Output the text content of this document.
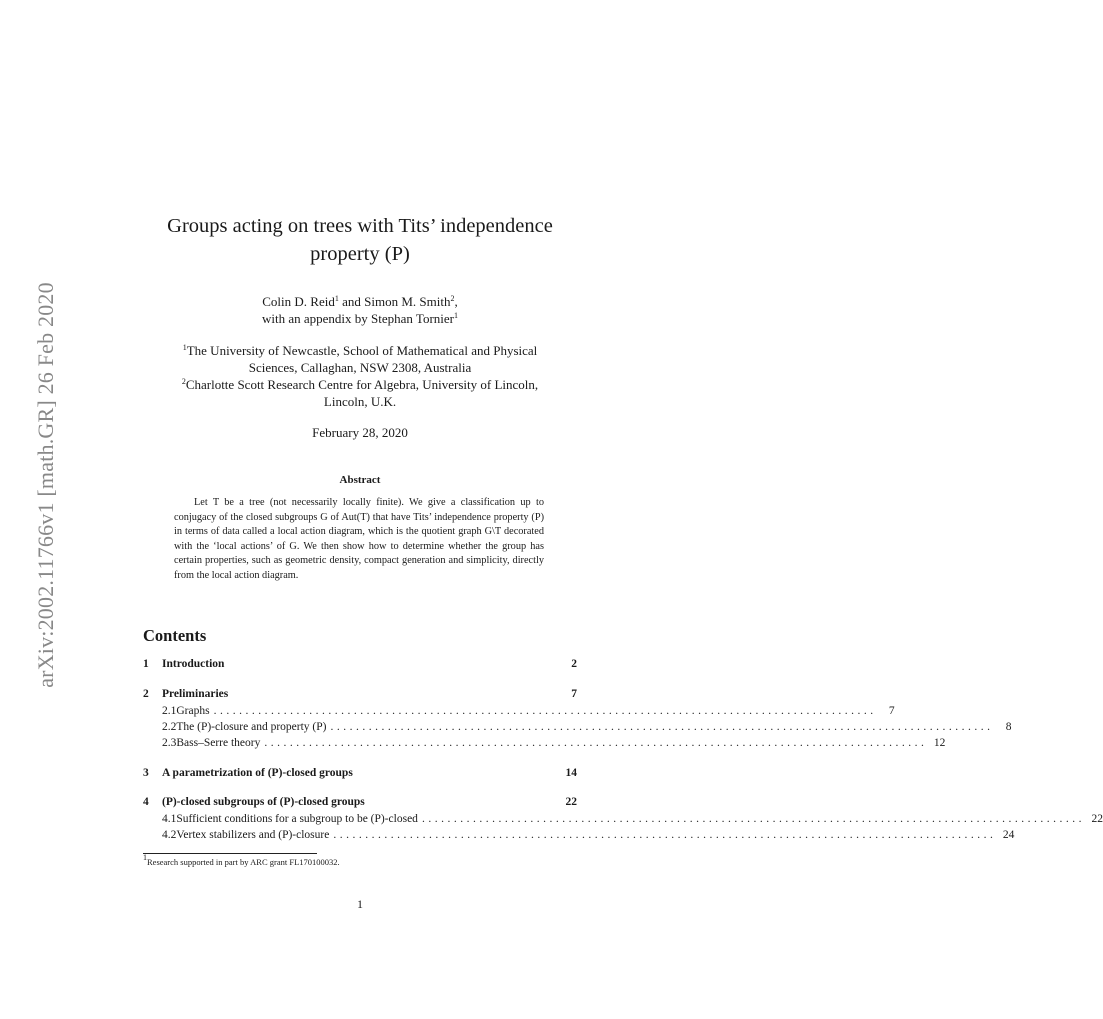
arXiv:2002.11766v1 [math.GR] 26 Feb 2020
Groups acting on trees with Tits’ independence
property (P)
Colin D. Reid$^1$ and Simon M. Smith$^2$,
with an appendix by Stephan Tornier$^1$
$^1$The University of Newcastle, School of Mathematical and Physical
Sciences, Callaghan, NSW 2308, Australia
$^2$Charlotte Scott Research Centre for Algebra, University of Lincoln,
Lincoln, U.K.
February 28, 2020
Abstract
Let T be a tree (not necessarily locally finite). We give a classification up to conjugacy of the closed subgroups G of Aut(T) that have Tits’ independence property (P) in terms of data called a local action diagram, which is the quotient graph G\T decorated with the ‘local actions’ of G. We then show how to determine whether the group has certain properties, such as geometric density, compact generation and simplicity, directly from the local action diagram.
Contents
1	Introduction	2
2	Preliminaries	7
2.1 Graphs ........................................................................................................	7
2.2 The (P)-closure and property (P) ........................................................................................................	8
2.3 Bass–Serre theory ........................................................................................................ 12
3	A parametrization of (P)-closed groups	14
4	(P)-closed subgroups of (P)-closed groups	22
4.1 Sufficient conditions for a subgroup to be (P)-closed ........................................................................................................ 22
4.2 Vertex stabilizers and (P)-closure ........................................................................................................ 24
$^1$Research supported in part by ARC grant FL170100032.
1
